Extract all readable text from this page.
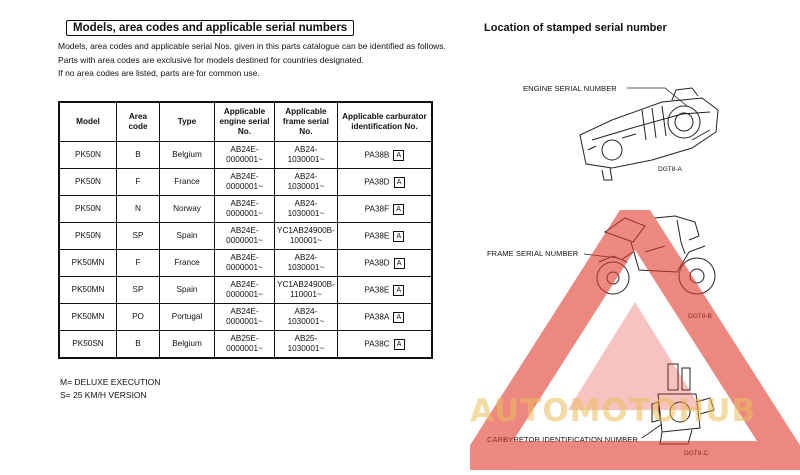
Models, area codes and applicable serial numbers

Models, area codes and applicable serial Nos. given in this parts catalogue can be identified as follows.

Parts with area codes are exclusive for models destined for countries designated.

If no area codes are listed, parts are for common use.

Model	Area code	Type	Applicable engine serial No.	Applicable frame serial No.	Applicable carburator identification No.
PK50N	B	Belgium	AB24E- 0000001~	AB24- 1030001~	PA38B A
PK50N	F	France	AB24E- 0000001~	AB24- 1030001~	PA38D A
PK50N	N	Norway	AB24E- 0000001~	AB24- 1030001~	PA38F A
PK50N	SP	Spain	AB24E- 0000001~	YC1AB24900B- 100001~	PA38E A
PK50MN	F	France	AB24E- 0000001~	AB24- 1030001~	PA38D A
PK50MN	SP	Spain	AB24E- 0000001~	YC1AB24900B- 110001~	PA38E A
PK50MN	PO	Portugal	AB24E- 0000001~	AB24- 1030001~	PA38A A
PK50SN	B	Belgium	AB25E- 0000001~	AB25- 1030001~	PA38C A

M= DELUXE EXECUTION

S= 25 KM/H VERSION

Location of stamped serial number
ENGINE SERIAL NUMBER
DGT8-A
FRAME SERIAL NUMBER
DGT8-B
CARBYRETOR IDENTIFICATION NUMBER
DGT8-C
AUTOMOTOHUB
